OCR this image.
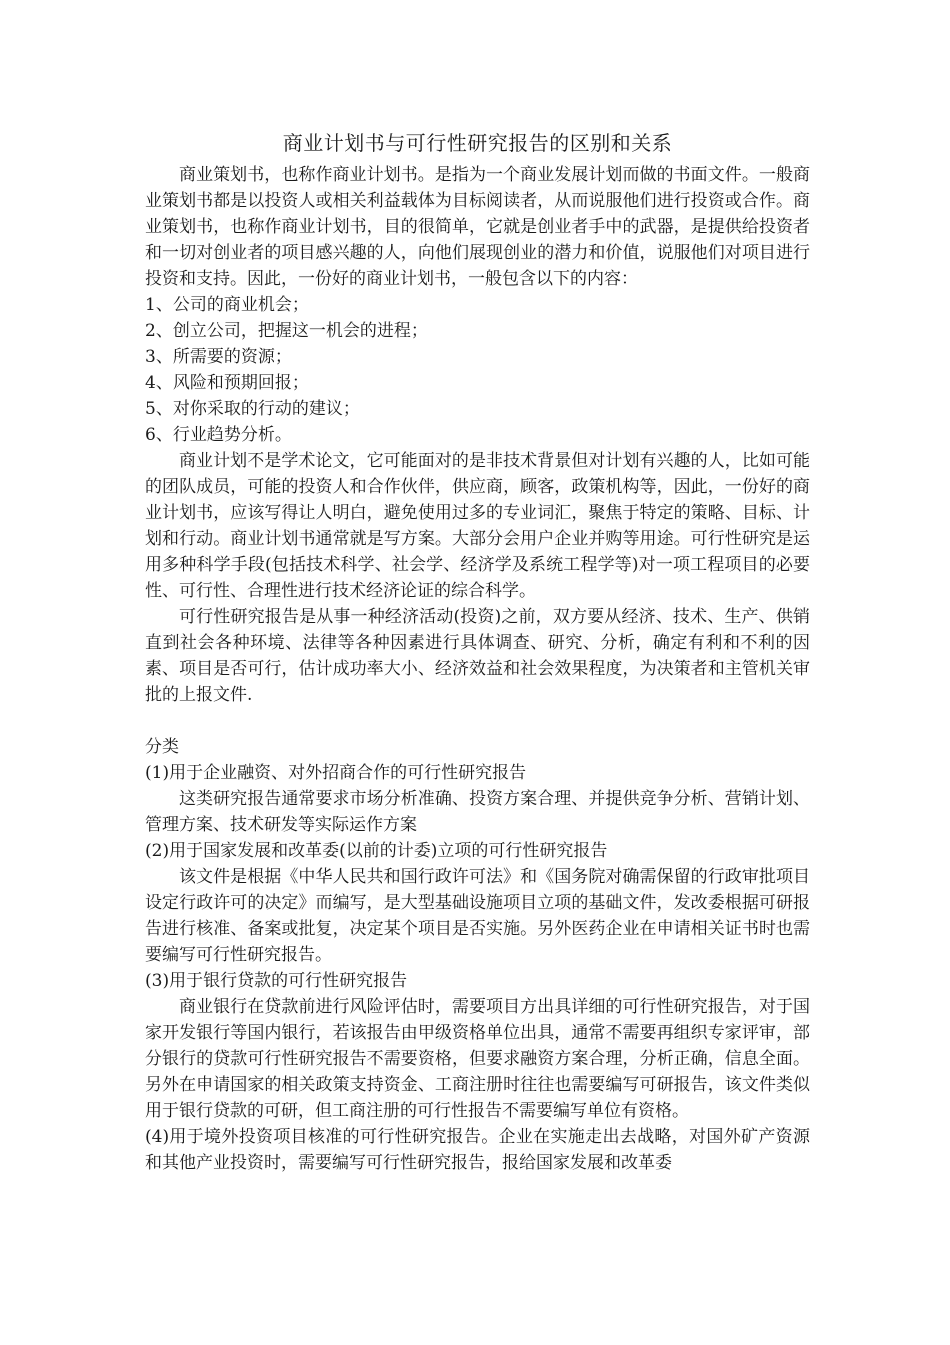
商业计划书与可行性研究报告的区别和关系

商业策划书，也称作商业计划书。是指为一个商业发展计划而做的书面文件。一般商业策划书都是以投资人或相关利益载体为目标阅读者，从而说服他们进行投资或合作。商业策划书，也称作商业计划书，目的很简单，它就是创业者手中的武器，是提供给投资者和一切对创业者的项目感兴趣的人，向他们展现创业的潜力和价值，说服他们对项目进行投资和支持。因此，一份好的商业计划书，一般包含以下的内容：

1、公司的商业机会；

2、创立公司，把握这一机会的进程；

3、所需要的资源；

4、风险和预期回报；

5、对你采取的行动的建议；

6、行业趋势分析。

商业计划不是学术论文，它可能面对的是非技术背景但对计划有兴趣的人，比如可能的团队成员，可能的投资人和合作伙伴，供应商，顾客，政策机构等，因此，一份好的商业计划书，应该写得让人明白，避免使用过多的专业词汇，聚焦于特定的策略、目标、计划和行动。商业计划书通常就是写方案。大部分会用户企业并购等用途。可行性研究是运用多种科学手段(包括技术科学、社会学、经济学及系统工程学等)对一项工程项目的必要性、可行性、合理性进行技术经济论证的综合科学。

可行性研究报告是从事一种经济活动(投资)之前，双方要从经济、技术、生产、供销直到社会各种环境、法律等各种因素进行具体调查、研究、分析，确定有利和不利的因素、项目是否可行，估计成功率大小、经济效益和社会效果程度，为决策者和主管机关审批的上报文件.

分类

(1)用于企业融资、对外招商合作的可行性研究报告

这类研究报告通常要求市场分析准确、投资方案合理、并提供竞争分析、营销计划、管理方案、技术研发等实际运作方案

(2)用于国家发展和改革委(以前的计委)立项的可行性研究报告

该文件是根据《中华人民共和国行政许可法》和《国务院对确需保留的行政审批项目设定行政许可的决定》而编写，是大型基础设施项目立项的基础文件，发改委根据可研报告进行核准、备案或批复，决定某个项目是否实施。另外医药企业在申请相关证书时也需要编写可行性研究报告。

(3)用于银行贷款的可行性研究报告

商业银行在贷款前进行风险评估时，需要项目方出具详细的可行性研究报告，对于国家开发银行等国内银行，若该报告由甲级资格单位出具，通常不需要再组织专家评审，部分银行的贷款可行性研究报告不需要资格，但要求融资方案合理，分析正确，信息全面。另外在申请国家的相关政策支持资金、工商注册时往往也需要编写可研报告，该文件类似用于银行贷款的可研，但工商注册的可行性报告不需要编写单位有资格。

(4)用于境外投资项目核准的可行性研究报告。企业在实施走出去战略，对国外矿产资源和其他产业投资时，需要编写可行性研究报告，报给国家发展和改革委
